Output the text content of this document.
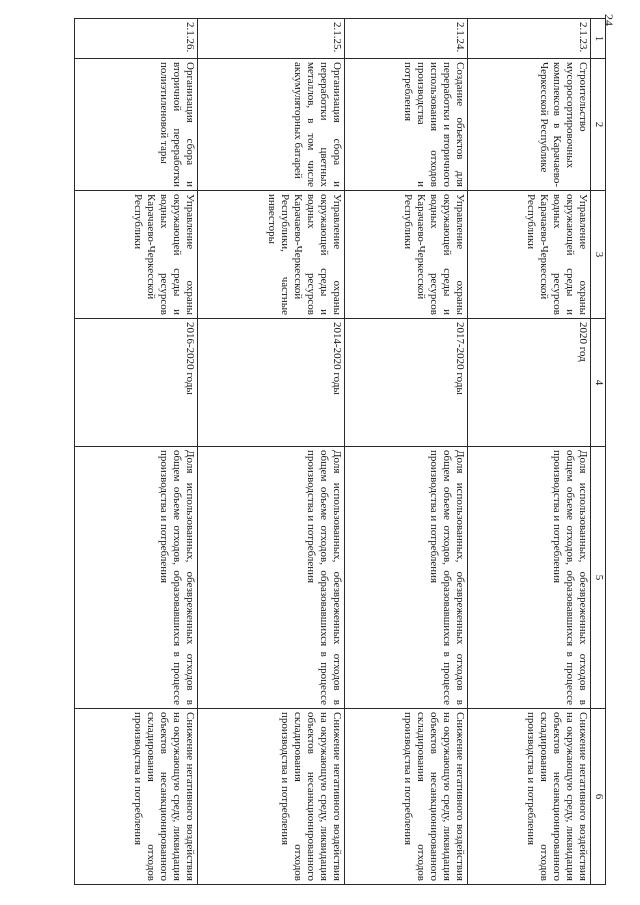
24
1	2	3	4	5	6
2.1.23.	Строительство мусоросортировочных комплексов в Карачаево-Черкесской Республике	Управление охраны окружающей среды и водных ресурсов Карачаево-Черкесской Республики	2020 год	Доля использованных, обезвреженных отходов в общем объеме отходов, образовавшихся в процессе производства и потребления	Снижение негативного воздействия на окружающую среду, ликвидация объектов несанкционированного складирования отходов производства и потребления
2.1.24.	Создание объектов для переработки и вторичного использования отходов производства и потребления	Управление охраны окружающей среды и водных ресурсов Карачаево-Черкесской Республики	2017-2020 годы	Доля использованных, обезвреженных отходов в общем объеме отходов, образовавшихся в процессе производства и потребления	Снижение негативного воздействия на окружающую среду, ликвидация объектов несанкционированного складирования отходов производства и потребления
2.1.25.	Организация сбора и переработки цветных металлов, в том числе аккумуляторных батарей	Управление охраны окружающей среды и водных ресурсов Карачаево-Черкесской Республики, частные инвесторы	2014-2020 годы	Доля использованных, обезвреженных отходов в общем объеме отходов, образовавшихся в процессе производства и потребления	Снижение негативного воздействия на окружающую среду, ликвидация объектов несанкционированного складирования отходов производства и потребления
2.1.26.	Организация сбора и вторичной переработки полиэтиленовой тары	Управление охраны окружающей среды и водных ресурсов Карачаево-Черкесской Республики	2016-2020 годы	Доля использованных, обезвреженных отходов в общем объеме отходов, образовавшихся в процессе производства и потребления	Снижение негативного воздействия на окружающую среду, ликвидация объектов несанкционированного складирования отходов производства и потребления
